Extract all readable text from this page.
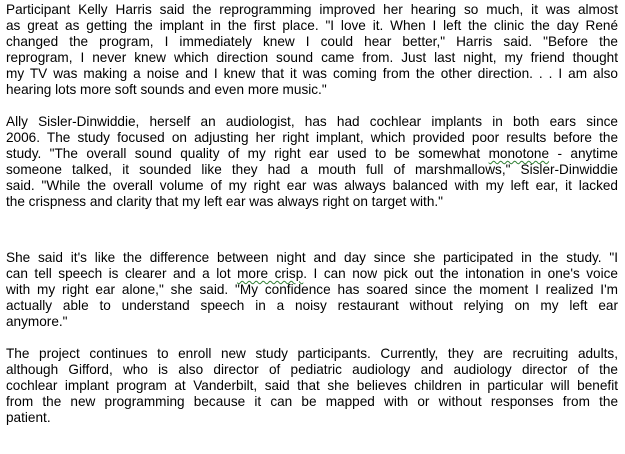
Participant Kelly Harris said the reprogramming improved her hearing so much, it was almost
as great as getting the implant in the first place. "I love it. When I left the clinic the day René
changed the program, I immediately knew I could hear better," Harris said. "Before the
reprogram, I never knew which direction sound came from. Just last night, my friend thought
my TV was making a noise and I knew that it was coming from the other direction. . . I am also
hearing lots more soft sounds and even more music."
Ally Sisler-Dinwiddie, herself an audiologist, has had cochlear implants in both ears since
2006. The study focused on adjusting her right implant, which provided poor results before the
study. "The overall sound quality of my right ear used to be somewhat monotone - anytime
someone talked, it sounded like they had a mouth full of marshmallows," Sisler-Dinwiddie
said. "While the overall volume of my right ear was always balanced with my left ear, it lacked
the crispness and clarity that my left ear was always right on target with."
She said it's like the difference between night and day since she participated in the study. "I
can tell speech is clearer and a lot more crisp. I can now pick out the intonation in one's voice
with my right ear alone," she said. "My confidence has soared since the moment I realized I'm
actually able to understand speech in a noisy restaurant without relying on my left ear
anymore."
The project continues to enroll new study participants. Currently, they are recruiting adults,
although Gifford, who is also director of pediatric audiology and audiology director of the
cochlear implant program at Vanderbilt, said that she believes children in particular will benefit
from the new programming because it can be mapped with or without responses from the
patient.
